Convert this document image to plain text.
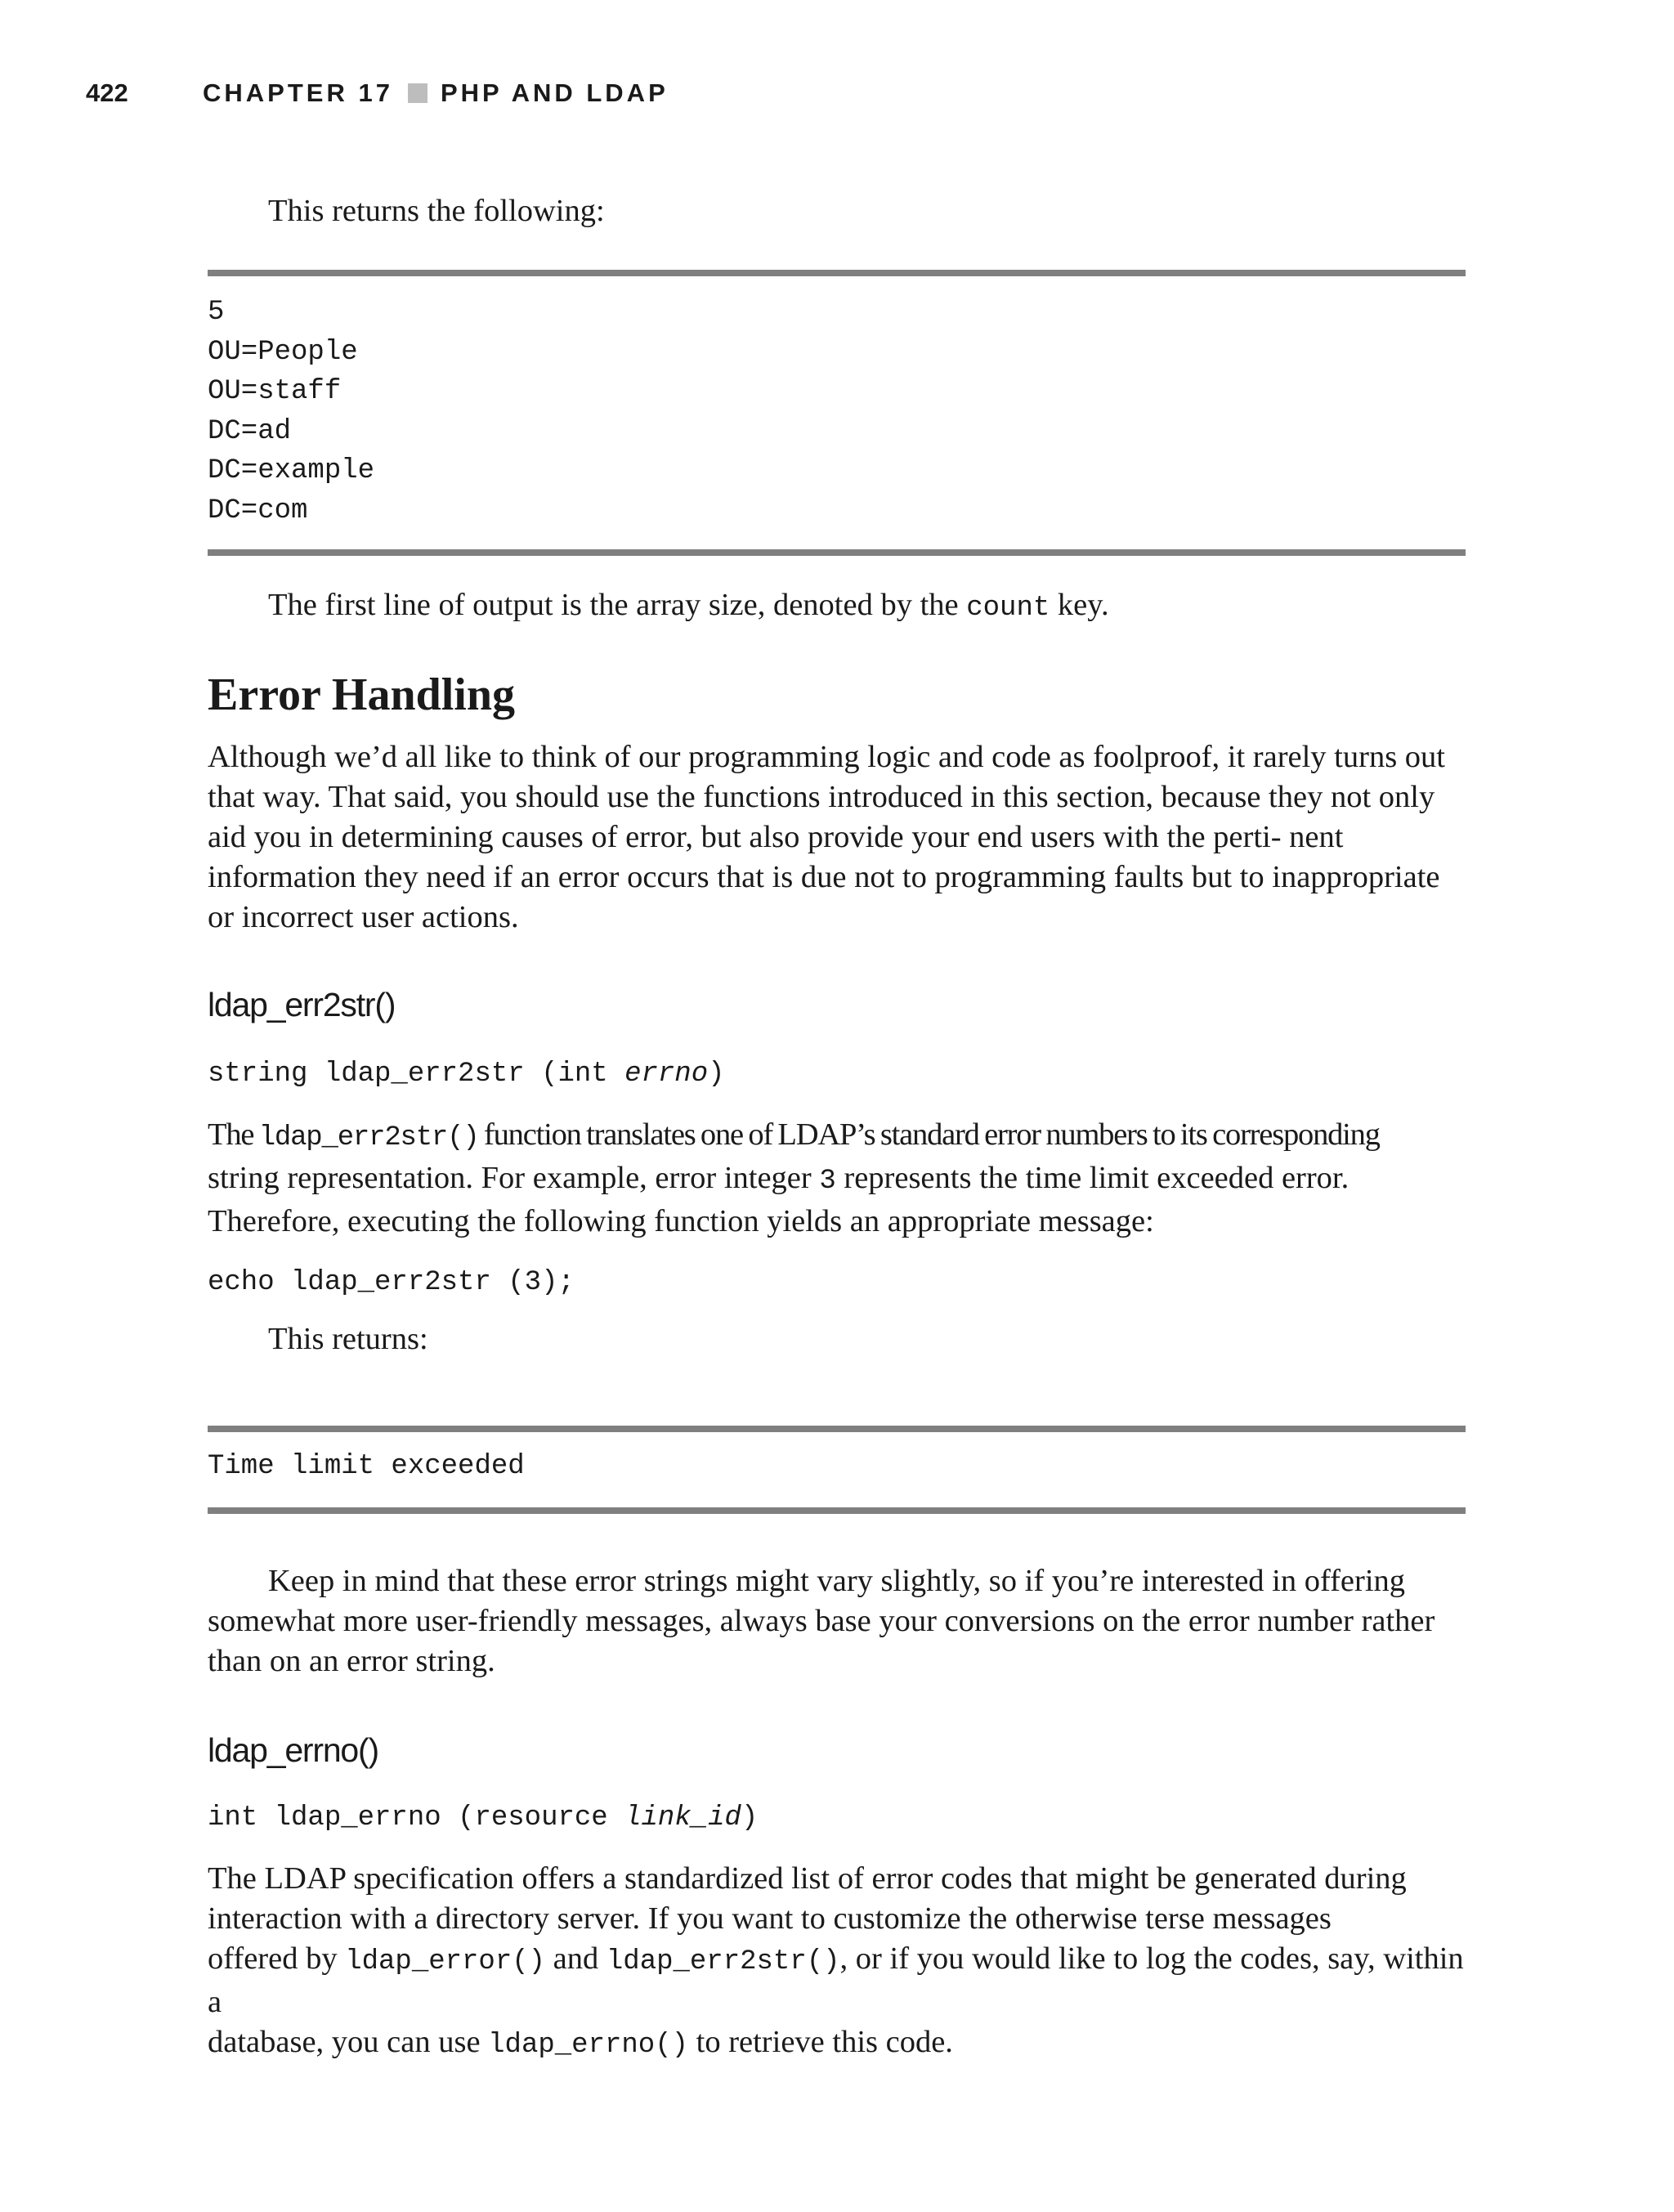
422	CHAPTER 17 PHP AND LDAP
This returns the following:
5
OU=People
OU=staff
DC=ad
DC=example
DC=com
The first line of output is the array size, denoted by the count key.
Error Handling
Although we’d all like to think of our programming logic and code as foolproof, it rarely turns out that way. That said, you should use the functions introduced in this section, because they not only aid you in determining causes of error, but also provide your end users with the perti- nent information they need if an error occurs that is due not to programming faults but to inappropriate or incorrect user actions.
ldap_err2str()
string ldap_err2str (int errno)
The ldap_err2str() function translates one of LDAP’s standard error numbers to its corresponding
string representation. For example, error integer 3 represents the time limit exceeded error.
Therefore, executing the following function yields an appropriate message:
echo ldap_err2str (3);
This returns:
Time limit exceeded
Keep in mind that these error strings might vary slightly, so if you’re interested in offering somewhat more user-friendly messages, always base your conversions on the error number rather than on an error string.
ldap_errno()
int ldap_errno (resource link_id)
The LDAP specification offers a standardized list of error codes that might be generated during
interaction with a directory server. If you want to customize the otherwise terse messages
offered by ldap_error() and ldap_err2str(), or if you would like to log the codes, say, within a
database, you can use ldap_errno() to retrieve this code.
